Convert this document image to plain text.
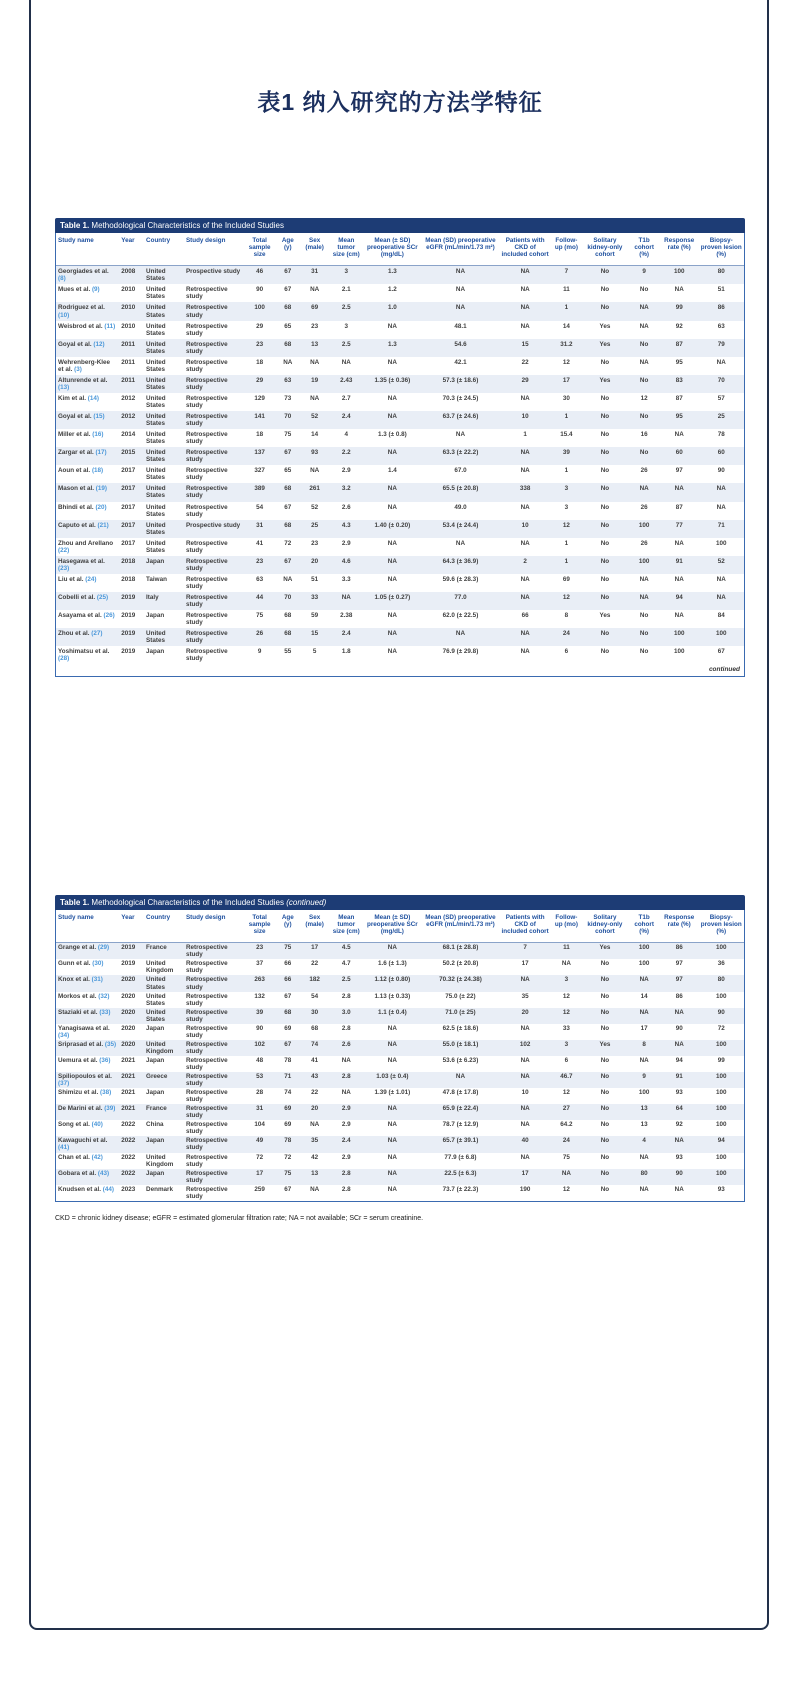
表1 纳入研究的方法学特征
Table 1. Methodological Characteristics of the Included Studies
Study name	Year	Country	Study design	Total sample size	Age (y)	Sex (male)	Mean tumor size (cm)	Mean (± SD) preoperative SCr (mg/dL)	Mean (SD) preoperative eGFR (mL/min/1.73 m²)	Patients with CKD of included cohort	Follow-up (mo)	Solitary kidney-only cohort	T1b cohort (%)	Response rate (%)	Biopsy-proven lesion (%)
Georgiades et al. (8)	2008	United States	Prospective study	46	67	31	3	1.3	NA	NA	7	No	9	100	80
Mues et al. (9)	2010	United States	Retrospective study	90	67	NA	2.1	1.2	NA	NA	11	No	No	NA	51
Rodriguez et al. (10)	2010	United States	Retrospective study	100	68	69	2.5	1.0	NA	NA	1	No	NA	99	86
Weisbrod et al. (11)	2010	United States	Retrospective study	29	65	23	3	NA	48.1	NA	14	Yes	NA	92	63
Goyal et al. (12)	2011	United States	Retrospective study	23	68	13	2.5	1.3	54.6	15	31.2	Yes	No	87	79
Wehrenberg-Klee et al. (3)	2011	United States	Retrospective study	18	NA	NA	NA	NA	42.1	22	12	No	NA	95	NA
Altunrende et al. (13)	2011	United States	Retrospective study	29	63	19	2.43	1.35 (± 0.36)	57.3 (± 18.6)	29	17	Yes	No	83	70
Kim et al. (14)	2012	United States	Retrospective study	129	73	NA	2.7	NA	70.3 (± 24.5)	NA	30	No	12	87	57
Goyal et al. (15)	2012	United States	Retrospective study	141	70	52	2.4	NA	63.7 (± 24.6)	10	1	No	No	95	25
Miller et al. (16)	2014	United States	Retrospective study	18	75	14	4	1.3 (± 0.8)	NA	1	15.4	No	16	NA	78
Zargar et al. (17)	2015	United States	Retrospective study	137	67	93	2.2	NA	63.3 (± 22.2)	NA	39	No	No	60	60
Aoun et al. (18)	2017	United States	Retrospective study	327	65	NA	2.9	1.4	67.0	NA	1	No	26	97	90
Mason et al. (19)	2017	United States	Retrospective study	389	68	261	3.2	NA	65.5 (± 20.8)	338	3	No	NA	NA	NA
Bhindi et al. (20)	2017	United States	Retrospective study	54	67	52	2.6	NA	49.0	NA	3	No	26	87	NA
Caputo et al. (21)	2017	United States	Prospective study	31	68	25	4.3	1.40 (± 0.20)	53.4 (± 24.4)	10	12	No	100	77	71
Zhou and Arellano (22)	2017	United States	Retrospective study	41	72	23	2.9	NA	NA	NA	1	No	26	NA	100
Hasegawa et al. (23)	2018	Japan	Retrospective study	23	67	20	4.6	NA	64.3 (± 36.9)	2	1	No	100	91	52
Liu et al. (24)	2018	Taiwan	Retrospective study	63	NA	51	3.3	NA	59.6 (± 28.3)	NA	69	No	NA	NA	NA
Cobelli et al. (25)	2019	Italy	Retrospective study	44	70	33	NA	1.05 (± 0.27)	77.0	NA	12	No	NA	94	NA
Asayama et al. (26)	2019	Japan	Retrospective study	75	68	59	2.38	NA	62.0 (± 22.5)	66	8	Yes	No	NA	84
Zhou et al. (27)	2019	United States	Retrospective study	26	68	15	2.4	NA	NA	NA	24	No	No	100	100
Yoshimatsu et al. (28)	2019	Japan	Retrospective study	9	55	5	1.8	NA	76.9 (± 29.8)	NA	6	No	No	100	67
continued
Table 1. Methodological Characteristics of the Included Studies (continued)
Study name	Year	Country	Study design	Total sample size	Age (y)	Sex (male)	Mean tumor size (cm)	Mean (± SD) preoperative SCr (mg/dL)	Mean (SD) preoperative eGFR (mL/min/1.73 m²)	Patients with CKD of included cohort	Follow-up (mo)	Solitary kidney-only cohort	T1b cohort (%)	Response rate (%)	Biopsy-proven lesion (%)
Grange et al. (29)	2019	France	Retrospective study	23	75	17	4.5	NA	68.1 (± 28.8)	7	11	Yes	100	86	100
Gunn et al. (30)	2019	United Kingdom	Retrospective study	37	66	22	4.7	1.6 (± 1.3)	50.2 (± 20.8)	17	NA	No	100	97	36
Knox et al. (31)	2020	United States	Retrospective study	263	66	182	2.5	1.12 (± 0.80)	70.32 (± 24.38)	NA	3	No	NA	97	80
Morkos et al. (32)	2020	United States	Retrospective study	132	67	54	2.8	1.13 (± 0.33)	75.0 (± 22)	35	12	No	14	86	100
Staziaki et al. (33)	2020	United States	Retrospective study	39	68	30	3.0	1.1 (± 0.4)	71.0 (± 25)	20	12	No	NA	NA	90
Yanagisawa et al. (34)	2020	Japan	Retrospective study	90	69	68	2.8	NA	62.5 (± 18.6)	NA	33	No	17	90	72
Sriprasad et al. (35)	2020	United Kingdom	Retrospective study	102	67	74	2.6	NA	55.0 (± 18.1)	102	3	Yes	8	NA	100
Uemura et al. (36)	2021	Japan	Retrospective study	48	78	41	NA	NA	53.6 (± 6.23)	NA	6	No	NA	94	99
Spiliopoulos et al. (37)	2021	Greece	Retrospective study	53	71	43	2.8	1.03 (± 0.4)	NA	NA	46.7	No	9	91	100
Shimizu et al. (38)	2021	Japan	Retrospective study	28	74	22	NA	1.39 (± 1.01)	47.8 (± 17.8)	10	12	No	100	93	100
De Marini et al. (39)	2021	France	Retrospective study	31	69	20	2.9	NA	65.9 (± 22.4)	NA	27	No	13	64	100
Song et al. (40)	2022	China	Retrospective study	104	69	NA	2.9	NA	78.7 (± 12.9)	NA	64.2	No	13	92	100
Kawaguchi et al. (41)	2022	Japan	Retrospective study	49	78	35	2.4	NA	65.7 (± 39.1)	40	24	No	4	NA	94
Chan et al. (42)	2022	United Kingdom	Retrospective study	72	72	42	2.9	NA	77.9 (± 6.8)	NA	75	No	NA	93	100
Gobara et al. (43)	2022	Japan	Retrospective study	17	75	13	2.8	NA	22.5 (± 6.3)	17	NA	No	80	90	100
Knudsen et al. (44)	2023	Denmark	Retrospective study	259	67	NA	2.8	NA	73.7 (± 22.3)	190	12	No	NA	NA	93
CKD = chronic kidney disease; eGFR = estimated glomerular filtration rate; NA = not available; SCr = serum creatinine.
